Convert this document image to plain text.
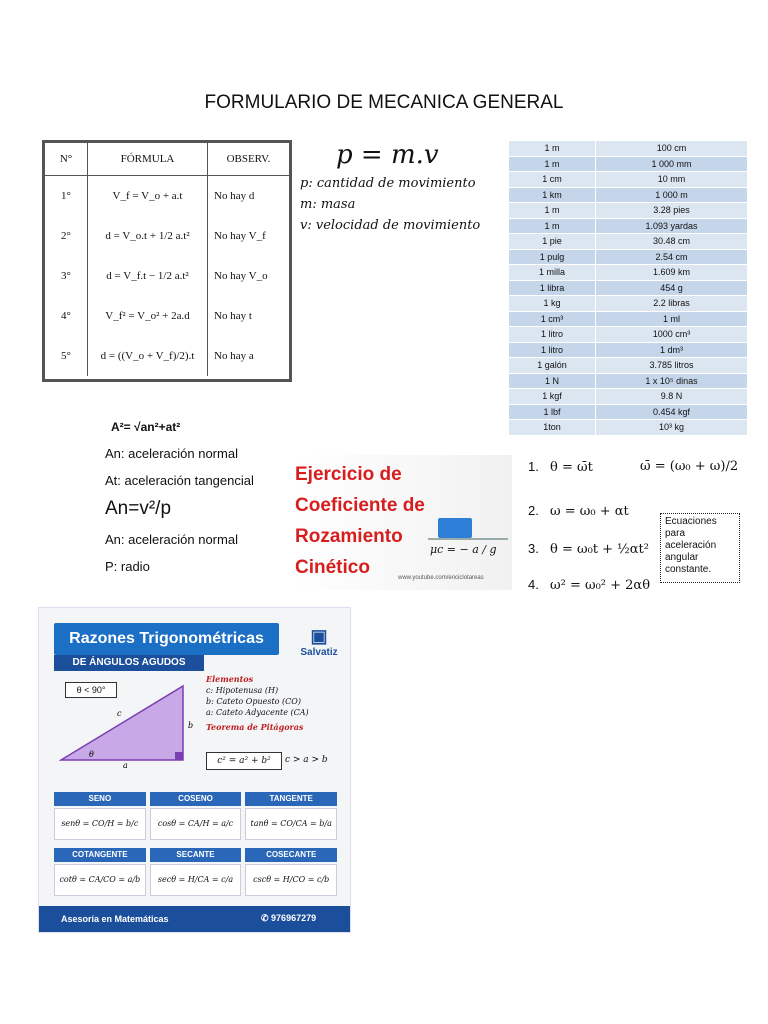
FORMULARIO DE MECANICA GENERAL
N°	FÓRMULA	OBSERV.
1°	V_f = V_o + a.t	No hay d
2°	d = V_o.t + 1/2 a.t²	No hay V_f
3°	d = V_f.t − 1/2 a.t²	No hay V_o
4°	V_f² = V_o² + 2a.d	No hay t
5°	d = ((V_o + V_f)/2).t	No hay a
p = m.v
p: cantidad de movimiento
m: masa
v: velocidad de movimiento
1 m	100 cm
1 m	1 000 mm
1 cm	10 mm
1 km	1 000 m
1 m	3.28 pies
1 m	1.093 yardas
1 pie	30.48 cm
1 pulg	2.54 cm
1 milla	1.609 km
1 libra	454 g
1 kg	2.2 libras
1 cm³	1 ml
1 litro	1000 cm³
1 litro	1 dm³
1 galón	3.785 litros
1 N	1 x 10⁵ dinas
1 kgf	9.8 N
1 lbf	0.454 kgf
1ton	10³ kg
A²= √an²+at²
An: aceleración normal
At: aceleración tangencial
An=v²/p
An: aceleración normal
P: radio
Ejercicio de
Coeficiente de
Rozamiento
Cinético
μc = − a / g
www.youtube.com/enciclotareas
1. θ = ω̄t	ω̄ = (ω₀ + ω)/2
2. ω = ω₀ + αt
3. θ = ω₀t + ½αt²
4. ω² = ω₀² + 2αθ
Ecuaciones para aceleración angular constante.
Razones Trigonométricas
DE ÁNGULOS AGUDOS
▣
Salvatiz
θ < 90°
c
b
a
θ
Elementos
c: Hipotenusa (H)
b: Cateto Opuesto (CO)
a: Cateto Adyacente (CA)
Teorema de Pitágoras
c² = a² + b²	c > a > b
SENO	COSENO	TANGENTE
senθ = CO/H = b/c	cosθ = CA/H = a/c	tanθ = CO/CA = b/a
COTANGENTE	SECANTE	COSECANTE
cotθ = CA/CO = a/b	secθ = H/CA = c/a	cscθ = H/CO = c/b
Asesoría en Matemáticas	✆ 976967279
